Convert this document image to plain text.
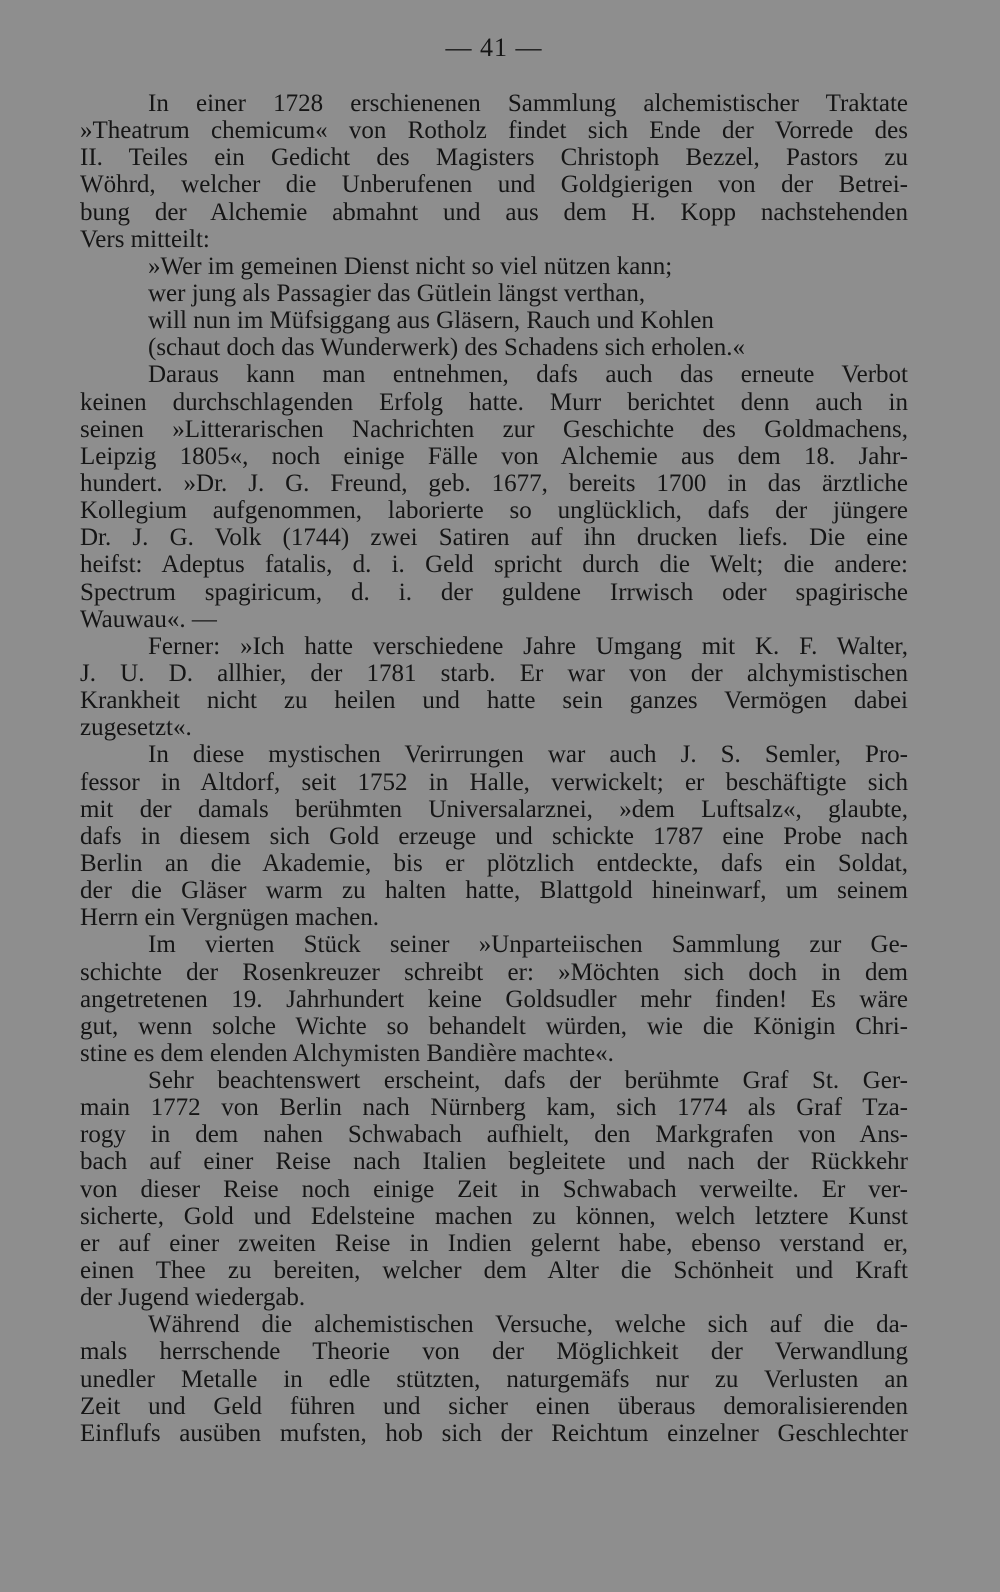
— 41 —
In einer 1728 erschienenen Sammlung alchemistischer Traktate
»Theatrum chemicum« von Rotholz findet sich Ende der Vorrede des
II. Teiles ein Gedicht des Magisters Christoph Bezzel, Pastors zu
Wöhrd, welcher die Unberufenen und Goldgierigen von der Betrei-
bung der Alchemie abmahnt und aus dem H. Kopp nachstehenden
Vers mitteilt:
»Wer im gemeinen Dienst nicht so viel nützen kann;
wer jung als Passagier das Gütlein längst verthan,
will nun im Müfsiggang aus Gläsern, Rauch und Kohlen
(schaut doch das Wunderwerk) des Schadens sich erholen.«
Daraus kann man entnehmen, dafs auch das erneute Verbot
keinen durchschlagenden Erfolg hatte. Murr berichtet denn auch in
seinen »Litterarischen Nachrichten zur Geschichte des Goldmachens,
Leipzig 1805«, noch einige Fälle von Alchemie aus dem 18. Jahr-
hundert. »Dr. J. G. Freund, geb. 1677, bereits 1700 in das ärztliche
Kollegium aufgenommen, laborierte so unglücklich, dafs der jüngere
Dr. J. G. Volk (1744) zwei Satiren auf ihn drucken liefs. Die eine
heifst: Adeptus fatalis, d. i. Geld spricht durch die Welt; die andere:
Spectrum spagiricum, d. i. der guldene Irrwisch oder spagirische
Wauwau«. —
Ferner: »Ich hatte verschiedene Jahre Umgang mit K. F. Walter,
J. U. D. allhier, der 1781 starb. Er war von der alchymistischen
Krankheit nicht zu heilen und hatte sein ganzes Vermögen dabei
zugesetzt«.
In diese mystischen Verirrungen war auch J. S. Semler, Pro-
fessor in Altdorf, seit 1752 in Halle, verwickelt; er beschäftigte sich
mit der damals berühmten Universalarznei, »dem Luftsalz«, glaubte,
dafs in diesem sich Gold erzeuge und schickte 1787 eine Probe nach
Berlin an die Akademie, bis er plötzlich entdeckte, dafs ein Soldat,
der die Gläser warm zu halten hatte, Blattgold hineinwarf, um seinem
Herrn ein Vergnügen machen.
Im vierten Stück seiner »Unparteiischen Sammlung zur Ge-
schichte der Rosenkreuzer schreibt er: »Möchten sich doch in dem
angetretenen 19. Jahrhundert keine Goldsudler mehr finden! Es wäre
gut, wenn solche Wichte so behandelt würden, wie die Königin Chri-
stine es dem elenden Alchymisten Bandière machte«.
Sehr beachtenswert erscheint, dafs der berühmte Graf St. Ger-
main 1772 von Berlin nach Nürnberg kam, sich 1774 als Graf Tza-
rogy in dem nahen Schwabach aufhielt, den Markgrafen von Ans-
bach auf einer Reise nach Italien begleitete und nach der Rückkehr
von dieser Reise noch einige Zeit in Schwabach verweilte. Er ver-
sicherte, Gold und Edelsteine machen zu können, welch letztere Kunst
er auf einer zweiten Reise in Indien gelernt habe, ebenso verstand er,
einen Thee zu bereiten, welcher dem Alter die Schönheit und Kraft
der Jugend wiedergab.
Während die alchemistischen Versuche, welche sich auf die da-
mals herrschende Theorie von der Möglichkeit der Verwandlung
unedler Metalle in edle stützten, naturgemäfs nur zu Verlusten an
Zeit und Geld führen und sicher einen überaus demoralisierenden
Einflufs ausüben mufsten, hob sich der Reichtum einzelner Geschlechter
